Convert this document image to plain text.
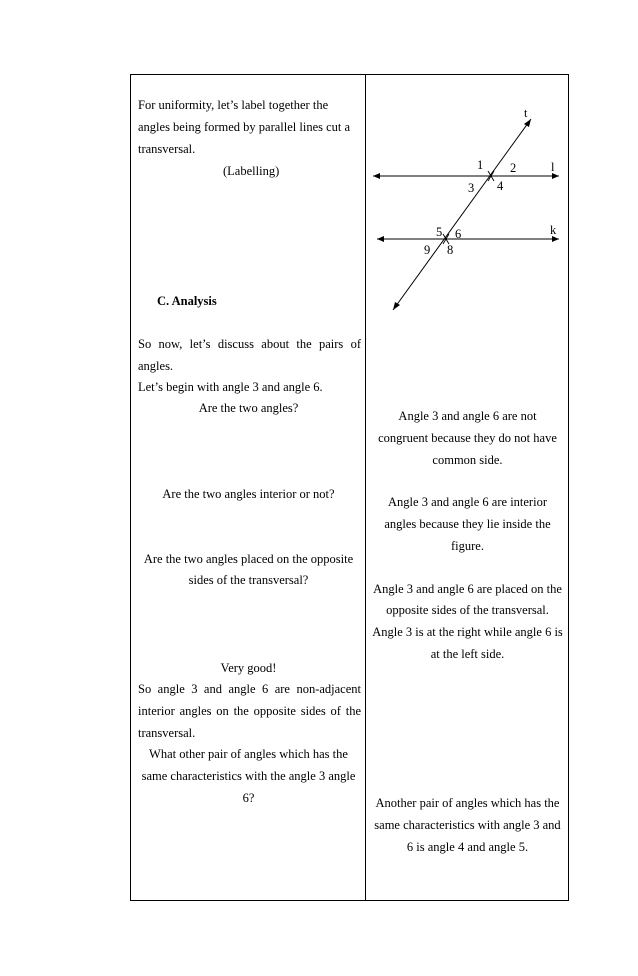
For uniformity, let’s label together the
angles being formed by parallel lines cut a
transversal.
(Labelling)
C. Analysis
So now, let’s discuss about the pairs of
angles.
Let’s begin with angle 3 and angle 6.
Are the two angles?
Are the two angles interior or not?
Are the two angles placed on the opposite
sides of the transversal?
Very good!
So angle 3 and angle 6 are non-adjacent
interior angles on the opposite sides of the
transversal.
What other pair of angles which has the
same characteristics with the angle 3 angle
6?
t
l
k
1 2
3 4
5 6
9 8
Angle 3 and angle 6 are not
congruent because they do not have
common side.
Angle 3 and angle 6 are interior
angles because they lie inside the
figure.
Angle 3 and angle 6 are placed on the
opposite sides of the transversal.
Angle 3 is at the right while angle 6 is
at the left side.
Another pair of angles which has the
same characteristics with angle 3 and
6 is angle 4 and angle 5.
